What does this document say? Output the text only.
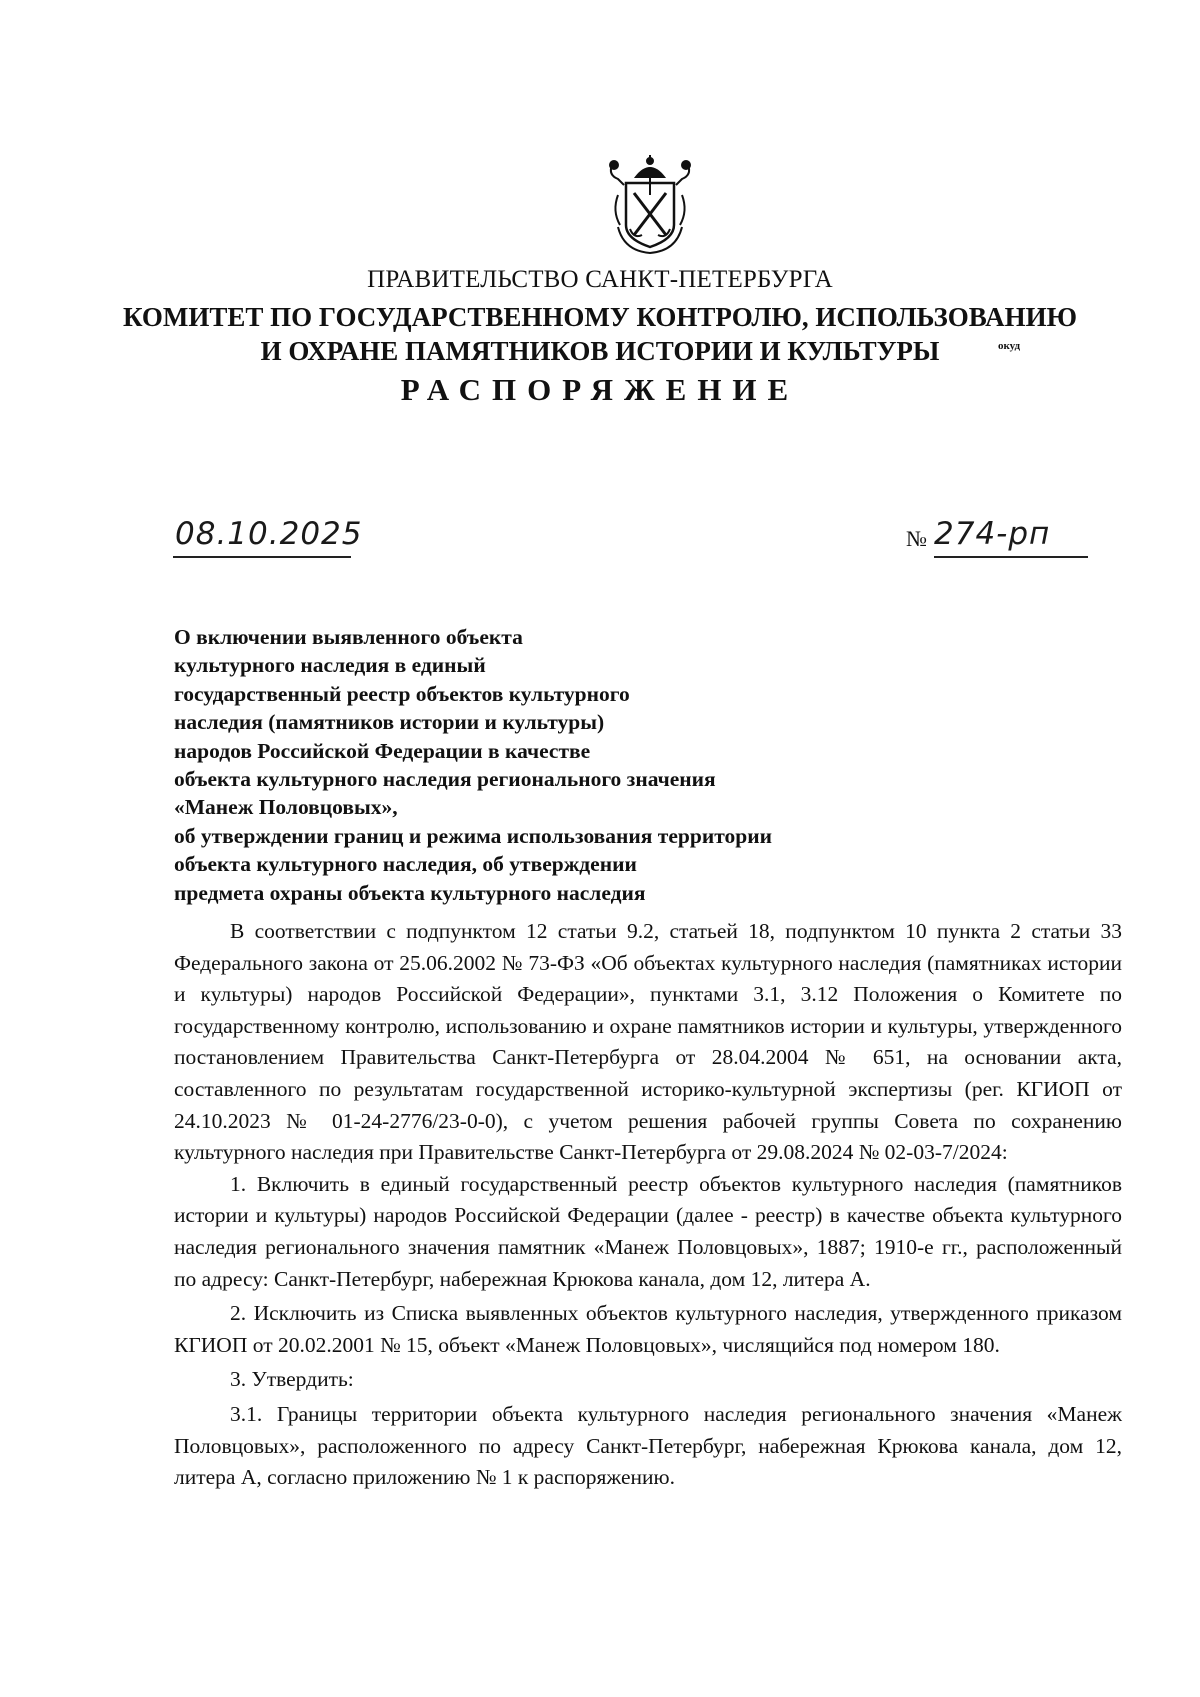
ПРАВИТЕЛЬСТВО САНКТ-ПЕТЕРБУРГА
КОМИТЕТ ПО ГОСУДАРСТВЕННОМУ КОНТРОЛЮ, ИСПОЛЬЗОВАНИЮ
И ОХРАНЕ ПАМЯТНИКОВ ИСТОРИИ И КУЛЬТУРЫ	окуд
РАСПОРЯЖЕНИЕ
08.10.2025	№ 274-рп
О включении выявленного объекта
культурного наследия в единый
государственный реестр объектов культурного
наследия (памятников истории и культуры)
народов Российской Федерации в качестве
объекта культурного наследия регионального значения
«Манеж Половцовых»,
об утверждении границ и режима использования территории
объекта культурного наследия, об утверждении
предмета охраны объекта культурного наследия

В соответствии с подпунктом 12 статьи 9.2, статьей 18, подпунктом 10 пункта 2 статьи 33 Федерального закона от 25.06.2002 № 73-ФЗ «Об объектах культурного наследия (памятниках истории и культуры) народов Российской Федерации», пунктами 3.1, 3.12 Положения о Комитете по государственному контролю, использованию и охране памятников истории и культуры, утвержденного постановлением Правительства Санкт-Петербурга от 28.04.2004 № 651, на основании акта, составленного по результатам государственной историко-культурной экспертизы (рег. КГИОП от 24.10.2023 № 01-24-2776/23-0-0), с учетом решения рабочей группы Совета по сохранению культурного наследия при Правительстве Санкт-Петербурга от 29.08.2024 № 02-03-7/2024:

1. Включить в единый государственный реестр объектов культурного наследия (памятников истории и культуры) народов Российской Федерации (далее - реестр) в качестве объекта культурного наследия регионального значения памятник «Манеж Половцовых», 1887; 1910-е гг., расположенный по адресу: Санкт-Петербург, набережная Крюкова канала, дом 12, литера А.

2. Исключить из Списка выявленных объектов культурного наследия, утвержденного приказом КГИОП от 20.02.2001 № 15, объект «Манеж Половцовых», числящийся под номером 180.

3. Утвердить:

3.1. Границы территории объекта культурного наследия регионального значения «Манеж Половцовых», расположенного по адресу Санкт-Петербург, набережная Крюкова канала, дом 12, литера А, согласно приложению № 1 к распоряжению.
